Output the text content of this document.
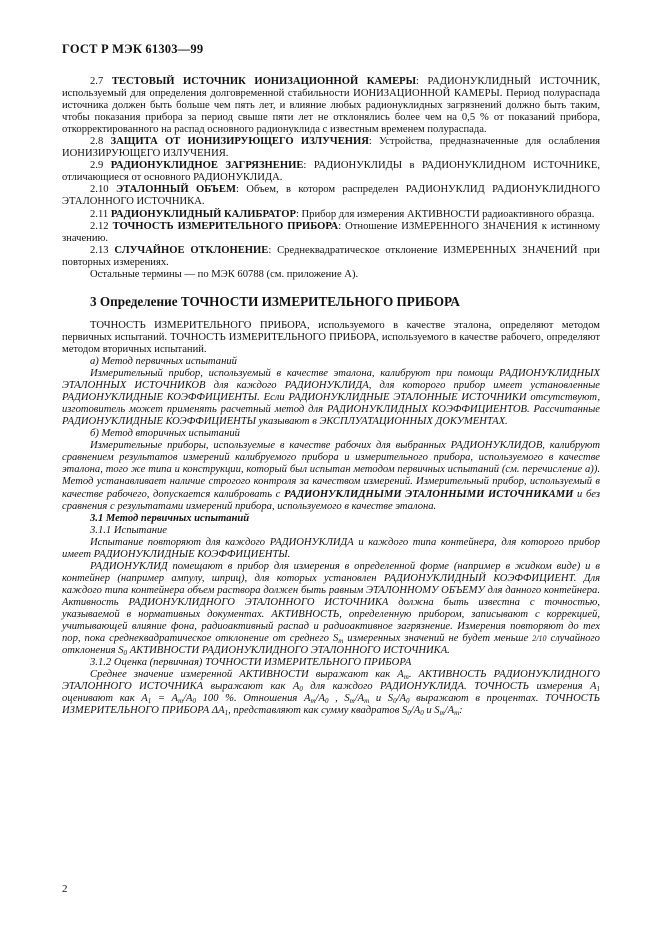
ГОСТ Р МЭК 61303—99

2.7 ТЕСТОВЫЙ ИСТОЧНИК ИОНИЗАЦИОННОЙ КАМЕРЫ: РАДИОНУКЛИДНЫЙ ИСТОЧНИК, используемый для определения долговременной стабильности ИОНИЗАЦИОННОЙ КАМЕРЫ. Период полураспада источника должен быть больше чем пять лет, и влияние любых радионуклидных загрязнений должно быть таким, чтобы показания прибора за период свыше пяти лет не отклонялись более чем на 0,5 % от показаний прибора, откорректированного на распад основного радионуклида с известным временем полураспада.

2.8 ЗАЩИТА ОТ ИОНИЗИРУЮЩЕГО ИЗЛУЧЕНИЯ: Устройства, предназначенные для ослабления ИОНИЗИРУЮЩЕГО ИЗЛУЧЕНИЯ.

2.9 РАДИОНУКЛИДНОЕ ЗАГРЯЗНЕНИЕ: РАДИОНУКЛИДЫ в РАДИОНУКЛИДНОМ ИСТОЧНИКЕ, отличающиеся от основного РАДИОНУКЛИДА.

2.10 ЭТАЛОННЫЙ ОБЪЕМ: Объем, в котором распределен РАДИОНУКЛИД РАДИОНУКЛИДНОГО ЭТАЛОННОГО ИСТОЧНИКА.

2.11 РАДИОНУКЛИДНЫЙ КАЛИБРАТОР: Прибор для измерения АКТИВНОСТИ радиоактивного образца.

2.12 ТОЧНОСТЬ ИЗМЕРИТЕЛЬНОГО ПРИБОРА: Отношение ИЗМЕРЕННОГО ЗНАЧЕНИЯ к истинному значению.

2.13 СЛУЧАЙНОЕ ОТКЛОНЕНИЕ: Среднеквадратическое отклонение ИЗМЕРЕННЫХ ЗНАЧЕНИЙ при повторных измерениях.

Остальные термины — по МЭК 60788 (см. приложение А).

3 Определение ТОЧНОСТИ ИЗМЕРИТЕЛЬНОГО ПРИБОРА

ТОЧНОСТЬ ИЗМЕРИТЕЛЬНОГО ПРИБОРА, используемого в качестве эталона, определяют методом первичных испытаний. ТОЧНОСТЬ ИЗМЕРИТЕЛЬНОГО ПРИБОРА, используемого в качестве рабочего, определяют методом вторичных испытаний.

а) Метод первичных испытаний

Измерительный прибор, используемый в качестве эталона, калибруют при помощи РАДИОНУКЛИДНЫХ ЭТАЛОННЫХ ИСТОЧНИКОВ для каждого РАДИОНУКЛИДА, для которого прибор имеет установленные РАДИОНУКЛИДНЫЕ КОЭФФИЦИЕНТЫ. Если РАДИОНУКЛИДНЫЕ ЭТАЛОННЫЕ ИСТОЧНИКИ отсутствуют, изготовитель может применять расчетный метод для РАДИОНУКЛИДНЫХ КОЭФФИЦИЕНТОВ. Рассчитанные РАДИОНУКЛИДНЫЕ КОЭФФИЦИЕНТЫ указывают в ЭКСПЛУАТАЦИОННЫХ ДОКУМЕНТАХ.

б) Метод вторичных испытаний

Измерительные приборы, используемые в качестве рабочих для выбранных РАДИОНУКЛИДОВ, калибруют сравнением результатов измерений калибруемого прибора и измерительного прибора, используемого в качестве эталона, того же типа и конструкции, который был испытан методом первичных испытаний (см. перечисление а)). Метод устанавливает наличие строгого контроля за качеством измерений. Измерительный прибор, используемый в качестве рабочего, допускается калибровать с РАДИОНУКЛИДНЫМИ ЭТАЛОННЫМИ ИСТОЧНИКАМИ и без сравнения с результатами измерений прибора, используемого в качестве эталона.

3.1 Метод первичных испытаний

3.1.1 Испытание

Испытание повторяют для каждого РАДИОНУКЛИДА и каждого типа контейнера, для которого прибор имеет РАДИОНУКЛИДНЫЕ КОЭФФИЦИЕНТЫ.

РАДИОНУКЛИД помещают в прибор для измерения в определенной форме (например в жидком виде) и в контейнер (например ампулу, шприц), для которых установлен РАДИОНУКЛИДНЫЙ КОЭФФИЦИЕНТ. Для каждого типа контейнера объем раствора должен быть равным ЭТАЛОННОМУ ОБЪЕМУ для данного контейнера. Активность РАДИОНУКЛИДНОГО ЭТАЛОННОГО ИСТОЧНИКА должна быть известна с точностью, указываемой в нормативных документах. АКТИВНОСТЬ, определенную прибором, записывают с коррекцией, учитывающей влияние фона, радиоактивный распад и радиоактивное загрязнение. Измерения повторяют до тех пор, пока среднеквадратическое отклонение от среднего $S_m$ измеренных значений не будет меньше 2/10 случайного отклонения $S_0$ АКТИВНОСТИ РАДИОНУКЛИДНОГО ЭТАЛОННОГО ИСТОЧНИКА.

3.1.2 Оценка (первичная) ТОЧНОСТИ ИЗМЕРИТЕЛЬНОГО ПРИБОРА

Среднее значение измеренной АКТИВНОСТИ выражают как $A_m$. АКТИВНОСТЬ РАДИОНУКЛИДНОГО ЭТАЛОННОГО ИСТОЧНИКА выражают как $A_0$ для каждого РАДИОНУКЛИДА. ТОЧНОСТЬ измерения $A_1$ оценивают как $A_1 = A_m/A_0$ 100 %. Отношения $A_m/A_0$ , $S_m/A_m$ и $S_0/A_0$ выражают в процентах. ТОЧНОСТЬ ИЗМЕРИТЕЛЬНОГО ПРИБОРА $\Delta A_1$, представляют как сумму квадратов $S_0/A_0$ и $S_m/A_m$:

2
